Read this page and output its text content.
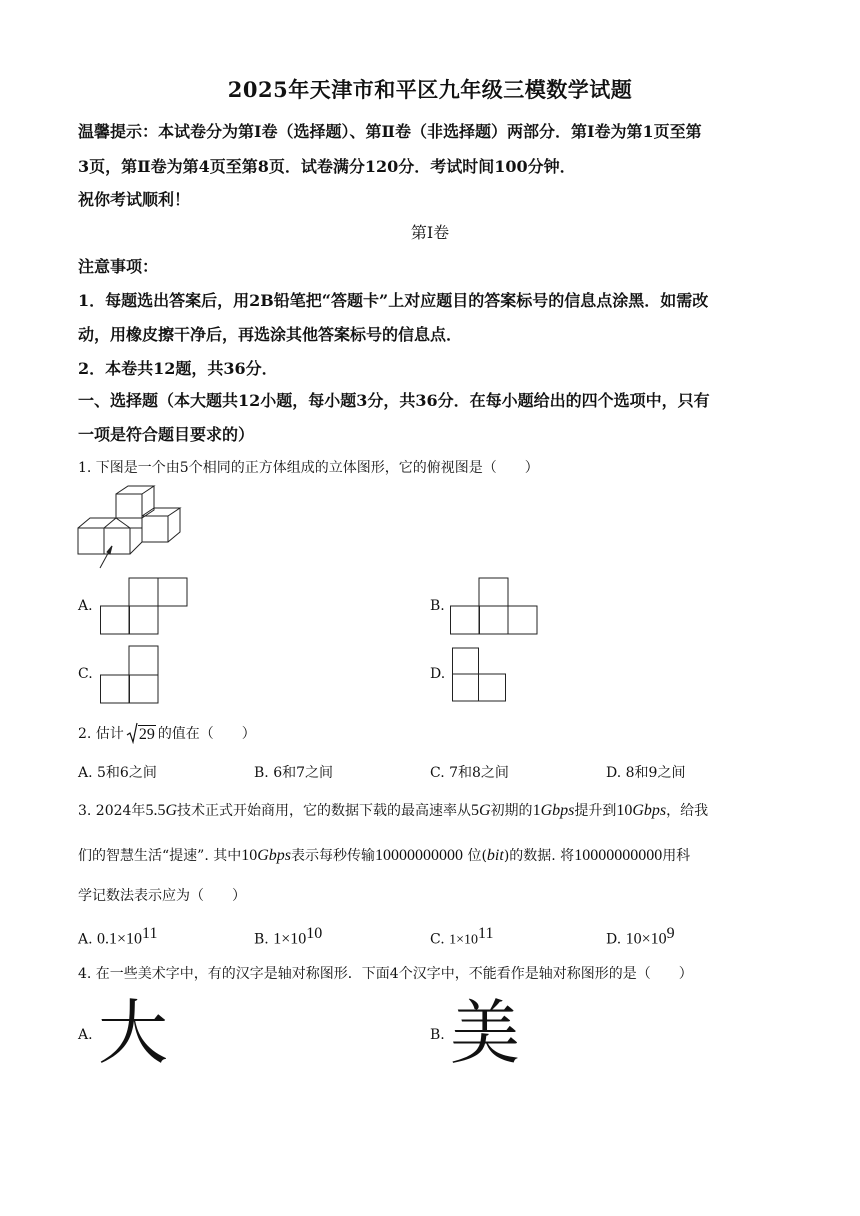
2025年天津市和平区九年级三模数学试题
温馨提示：本试卷分为第Ⅰ卷（选择题）、第Ⅱ卷（非选择题）两部分．第Ⅰ卷为第1页至第
3页，第Ⅱ卷为第4页至第8页．试卷满分120分．考试时间100分钟．
祝你考试顺利！
第Ⅰ卷
注意事项：
1．每题选出答案后，用2B铅笔把“答题卡”上对应题目的答案标号的信息点涂黑．如需改
动，用橡皮擦干净后，再选涂其他答案标号的信息点．
2．本卷共12题，共36分．
一、选择题（本大题共12小题，每小题3分，共36分．在每小题给出的四个选项中，只有
一项是符合题目要求的）
1. 下图是一个由5个相同的正方体组成的立体图形，它的俯视图是（　　）
A.	B.
C.	D.
2. 估计 29 的值在（　　）
A. 5和6之间	B. 6和7之间	C. 7和8之间	D. 8和9之间
3. 2024年5.5G技术正式开始商用，它的数据下载的最高速率从5G初期的1Gbps提升到10Gbps，给我
们的智慧生活“提速”. 其中10Gbps表示每秒传输10000000000 位(bit)的数据. 将10000000000用科
学记数法表示应为（　　）
A. $0.1\times 10^{11}$	B. $1\times 10^{10}$	C. $1\times 10^{11}$	D. $10\times 10^9$
4. 在一些美术字中，有的汉字是轴对称图形．下面4个汉字中，不能看作是轴对称图形的是（　　）
A. 大	B. 美
